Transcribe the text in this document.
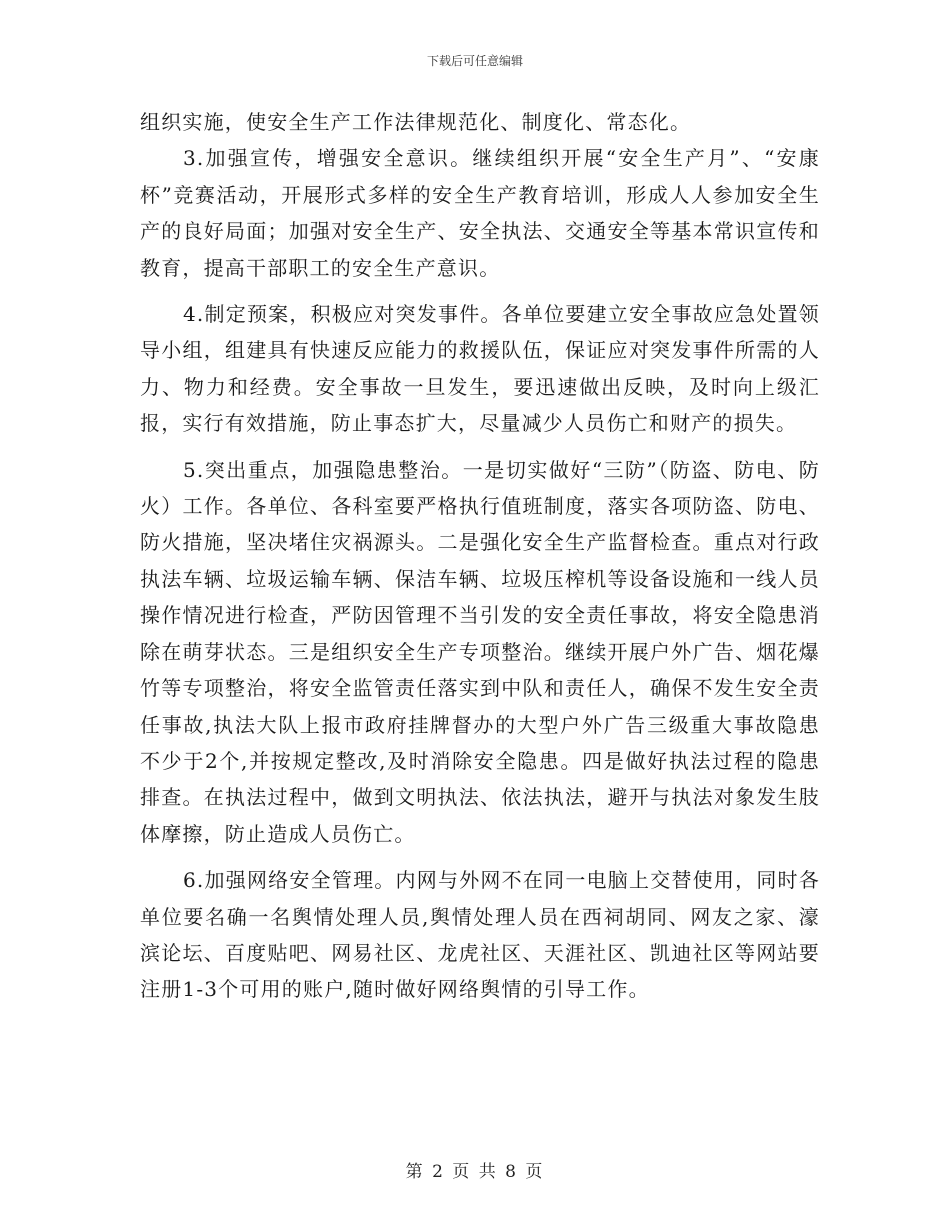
下载后可任意编辑

组织实施，使安全生产工作法律规范化、制度化、常态化。

3.加强宣传，增强安全意识。继续组织开展“安全生产月”、“安康杯”竞赛活动，开展形式多样的安全生产教育培训，形成人人参加安全生产的良好局面；加强对安全生产、安全执法、交通安全等基本常识宣传和教育，提高干部职工的安全生产意识。

4.制定预案，积极应对突发事件。各单位要建立安全事故应急处置领导小组，组建具有快速反应能力的救援队伍，保证应对突发事件所需的人力、物力和经费。安全事故一旦发生，要迅速做出反映，及时向上级汇报，实行有效措施，防止事态扩大，尽量减少人员伤亡和财产的损失。

5.突出重点，加强隐患整治。一是切实做好“三防”（防盗、防电、防火）工作。各单位、各科室要严格执行值班制度，落实各项防盗、防电、防火措施，坚决堵住灾祸源头。二是强化安全生产监督检查。重点对行政执法车辆、垃圾运输车辆、保洁车辆、垃圾压榨机等设备设施和一线人员操作情况进行检查，严防因管理不当引发的安全责任事故，将安全隐患消除在萌芽状态。三是组织安全生产专项整治。继续开展户外广告、烟花爆竹等专项整治，将安全监管责任落实到中队和责任人，确保不发生安全责任事故,执法大队上报市政府挂牌督办的大型户外广告三级重大事故隐患不少于2个,并按规定整改,及时消除安全隐患。四是做好执法过程的隐患排查。在执法过程中，做到文明执法、依法执法，避开与执法对象发生肢体摩擦，防止造成人员伤亡。

6.加强网络安全管理。内网与外网不在同一电脑上交替使用，同时各单位要名确一名舆情处理人员,舆情处理人员在西祠胡同、网友之家、濠滨论坛、百度贴吧、网易社区、龙虎社区、天涯社区、凯迪社区等网站要注册1-3个可用的账户,随时做好网络舆情的引导工作。

第 2 页 共 8 页
